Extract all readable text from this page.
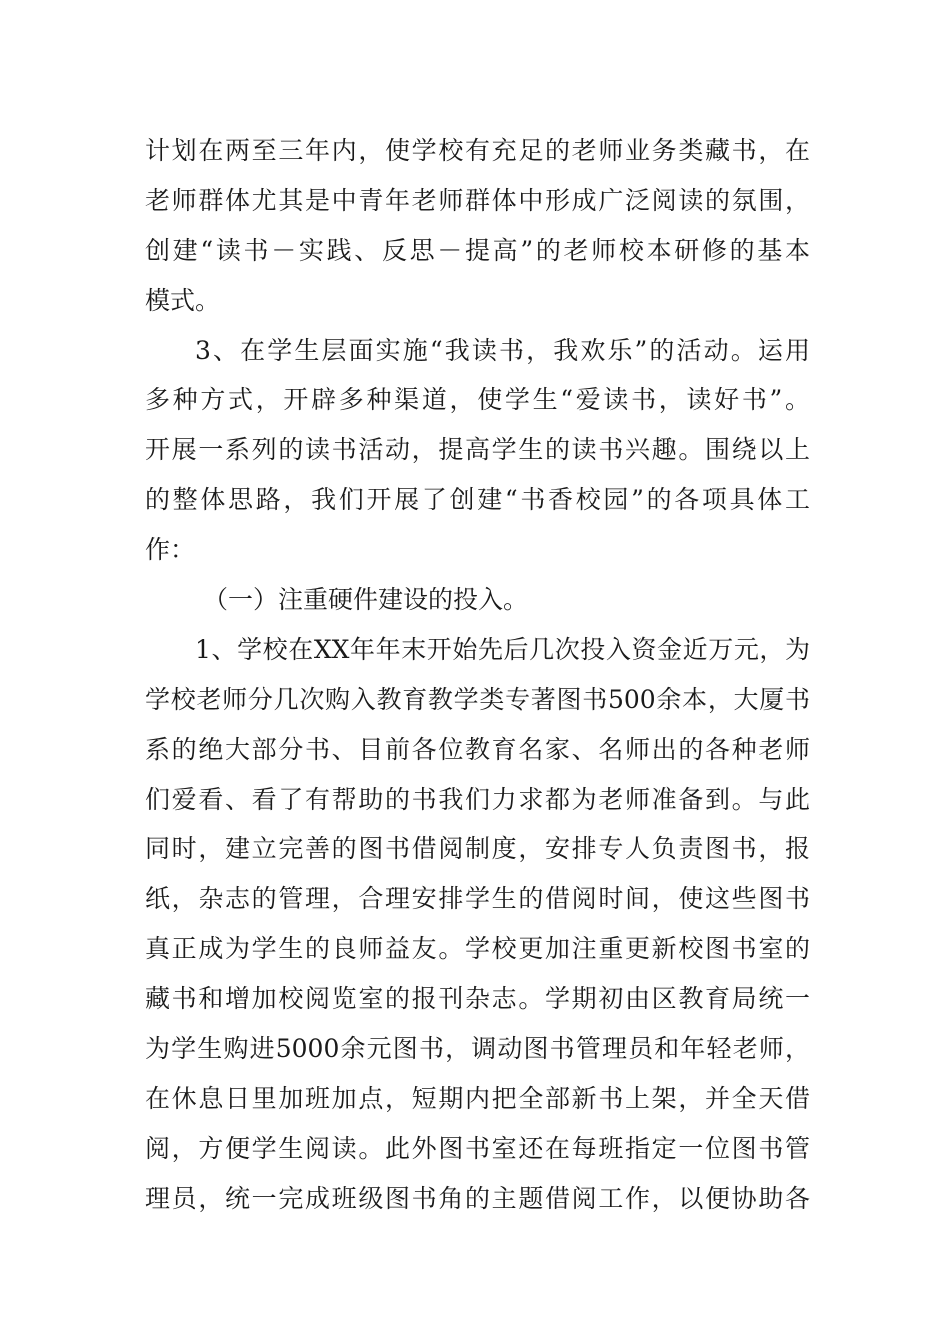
计划在两至三年内，使学校有充足的老师业务类藏书，在
老师群体尤其是中青年老师群体中形成广泛阅读的氛围，
创建“读书－实践、反思－提高”的老师校本研修的基本
模式。
3、在学生层面实施“我读书，我欢乐”的活动。运用
多种方式，开辟多种渠道，使学生“爱读书，读好书”。
开展一系列的读书活动，提高学生的读书兴趣。围绕以上
的整体思路，我们开展了创建“书香校园”的各项具体工
作：
（一）注重硬件建设的投入。
1、学校在XX年年末开始先后几次投入资金近万元，为
学校老师分几次购入教育教学类专著图书500余本，大厦书
系的绝大部分书、目前各位教育名家、名师出的各种老师
们爱看、看了有帮助的书我们力求都为老师准备到。与此
同时，建立完善的图书借阅制度，安排专人负责图书，报
纸，杂志的管理，合理安排学生的借阅时间，使这些图书
真正成为学生的良师益友。学校更加注重更新校图书室的
藏书和增加校阅览室的报刊杂志。学期初由区教育局统一
为学生购进5000余元图书，调动图书管理员和年轻老师，
在休息日里加班加点，短期内把全部新书上架，并全天借
阅，方便学生阅读。此外图书室还在每班指定一位图书管
理员，统一完成班级图书角的主题借阅工作，以便协助各
